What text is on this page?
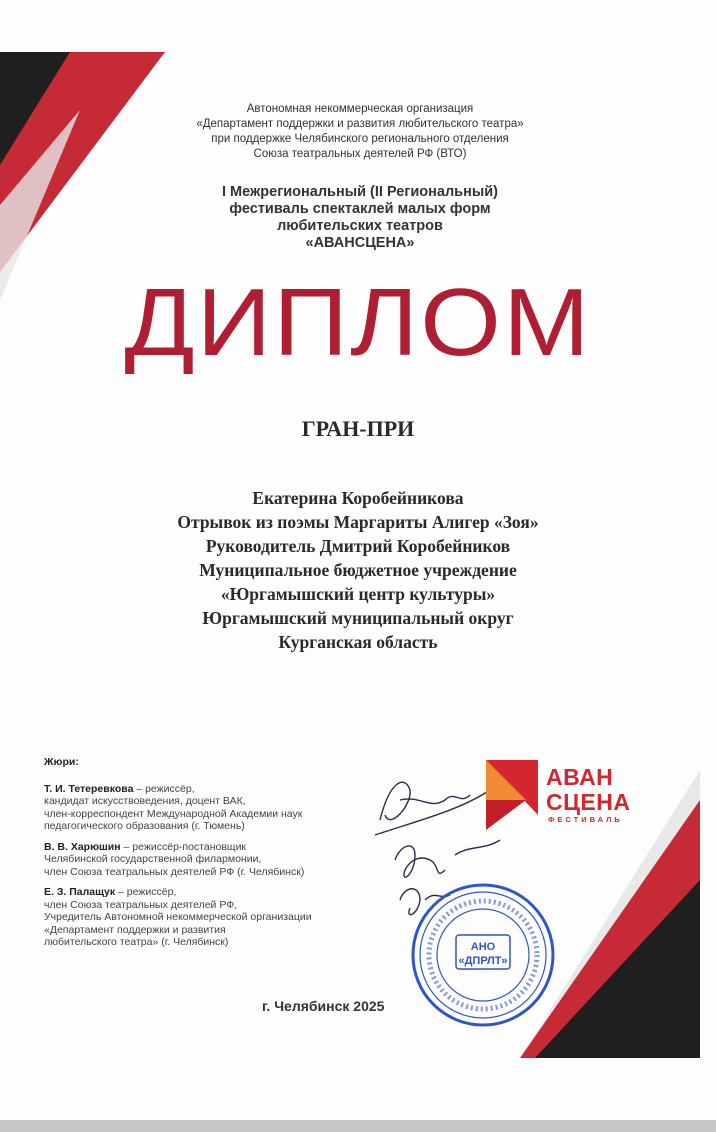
Автономная некоммерческая организация
«Департамент поддержки и развития любительского театра»
при поддержке Челябинского регионального отделения
Союза театральных деятелей РФ (ВТО)
I Межрегиональный (II Региональный)
фестиваль спектаклей малых форм
любительских театров
«АВАНСЦЕНА»
ДИПЛОМ
ГРАН-ПРИ
Екатерина Коробейникова
Отрывок из поэмы Маргариты Алигер «Зоя»
Руководитель Дмитрий Коробейников
Муниципальное бюджетное учреждение
«Юргамышский центр культуры»
Юргамышский муниципальный округ
Курганская область
Жюри:
Т. И. Тетеревкова – режиссёр,
кандидат искусствоведения, доцент ВАК,
член-корреспондент Международной Академии наук
педагогического образования (г. Тюмень)
В. В. Харюшин – режиссёр-постановщик
Челябинской государственной филармонии,
член Союза театральных деятелей РФ (г. Челябинск)
Е. З. Палащук – режиссёр,
член Союза театральных деятелей РФ,
Учредитель Автономной некоммерческой организации
«Департамент поддержки и развития
любительского театра» (г. Челябинск)
АВАН
СЦЕНА
ФЕСТИВАЛЬ
АНО
«ДПРЛТ»
г. Челябинск 2025
